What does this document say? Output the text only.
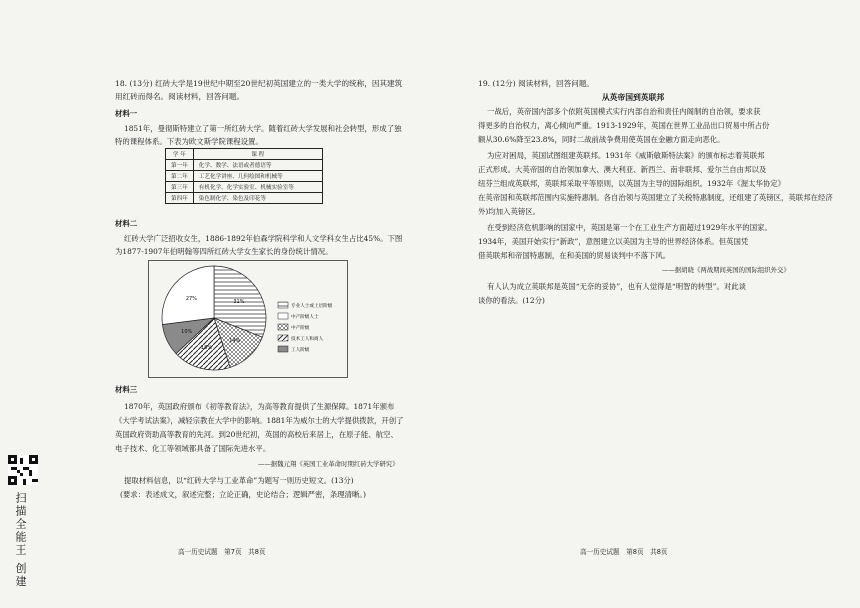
18. (13分) 红砖大学是19世纪中期至20世纪初英国建立的一类大学的统称，因其建筑
用红砖而得名。阅读材料，回答问题。
材料一
1851年，曼彻斯特建立了第一所红砖大学。随着红砖大学发展和社会转型，形成了独
特的课程体系。下表为欧文斯学院课程设置。
学 年	课 程
第一年	化学、数学、法语或者德语等
第二年	工艺化学讲座、几何绘图和机械等
第三年	有机化学、化学实验室、机械实验室等
第四年	染色制化学、染色及印花等
材料二
红砖大学广泛招收女生，1886-1892年伯森学院科学和人文学科女生占比45%。下图
为1877-1907年伯明翰等四所红砖大学女生家长的身份统计情况。
31%
14%
18%
10%
27%
专业人士或上层阶级
中产阶级人士
中产阶级
技术工人和商人
工人阶级
材料三
1870年，英国政府颁布《初等教育法》，为高等教育提供了生源保障。1871年颁布
《大学考试法案》，减轻宗教在大学中的影响。1881年为威尔士的大学提供拨款，开创了
英国政府资助高等教育的先河。到20世纪初，英国的高校后来居上，在原子能、航空、
电子技术、化工等领域都具备了国际先进水平。
——据魏元翔《英国工业革命时期红砖大学研究》
提取材料信息，以“红砖大学与工业革命”为题写一则历史短文。(13分)
(要求：表述成文，叙述完整；立论正确，史论结合；逻辑严密，条理清晰。)
高一历史试题　第7页　共8页
扫描全能王 创建
19. (12分) 阅读材料，回答问题。
从英帝国到英联邦
一战后，英帝国内部多个依附英国模式实行内部自治和责任内阁制的自治领，要求获
得更多的自治权力，离心倾向严重。1913-1929年，英国在世界工业品出口贸易中所占份
额从30.6%降至23.8%，同时二战前战争费用使英国在金融方面走向恶化。
为应对困局，英国试图组建英联邦。1931年《威斯敏斯特法案》的颁布标志着英联邦
正式形成。大英帝国的自治领加拿大、澳大利亚、新西兰、南非联邦、爱尔兰自由邦以及
纽芬兰组成英联邦，英联邦采取平等原则，以英国为主导的国际组织。1932年《渥太华协定》
在英帝国和英联邦范围内实施特惠制。各自治领与英国建立了关税特惠制度，还组建了英镑区，英联邦在经济
外)均加入英镑区。
在受到经济危机影响的国家中，英国是第一个在工业生产方面超过1929年水平的国家。
1934年，美国开始实行“新政”，意图建立以美国为主导的世界经济体系。但英国凭
借英联邦和帝国特惠制，在和美国的贸易谈判中不落下风。
——据胡晓《两战期间英国的国际组织外交》
有人认为成立英联邦是英国“无奈的妥协”，也有人觉得是“明智的转型”。对此谈
谈你的看法。(12分)
高一历史试题　第8页　共8页
